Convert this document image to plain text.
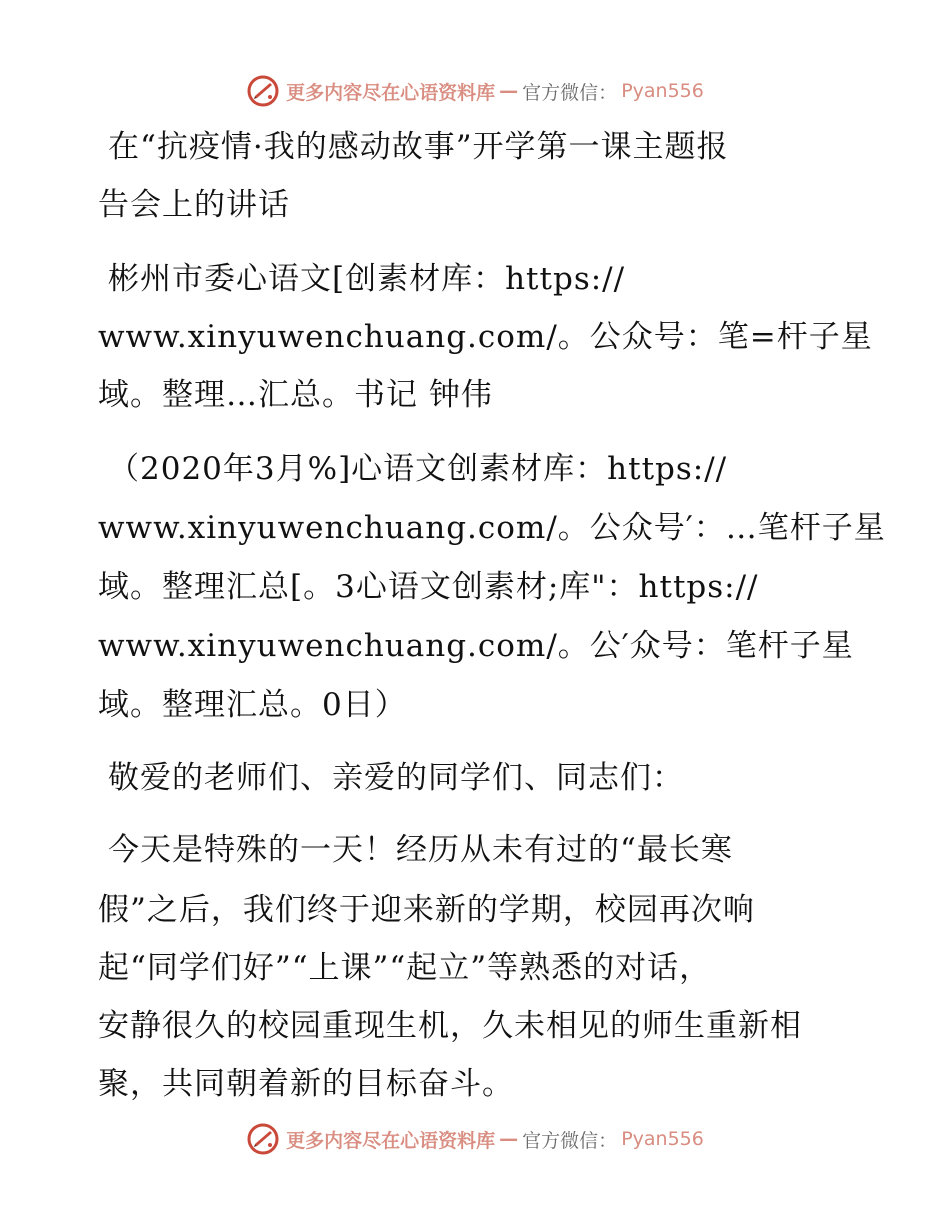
更多内容尽在心语资料库 — 官方微信： Pyan556
在“抗疫情·我的感动故事”开学第一课主题报
告会上的讲话
彬州市委心语文[创素材库：https://
www.xinyuwenchuang.com/。公众号：笔=杆子星
域。整理…汇总。书记 钟伟
（2020年3月%]心语文创素材库：https://
www.xinyuwenchuang.com/。公众号′：…笔杆子星
域。整理汇总[。3心语文创素材;库"：https://
www.xinyuwenchuang.com/。公′众号：笔杆子星
域。整理汇总。0日）
敬爱的老师们、亲爱的同学们、同志们：
今天是特殊的一天！经历从未有过的“最长寒
假”之后，我们终于迎来新的学期，校园再次响
起“同学们好”“上课”“起立”等熟悉的对话，
安静很久的校园重现生机，久未相见的师生重新相
聚，共同朝着新的目标奋斗。
更多内容尽在心语资料库 — 官方微信： Pyan556
